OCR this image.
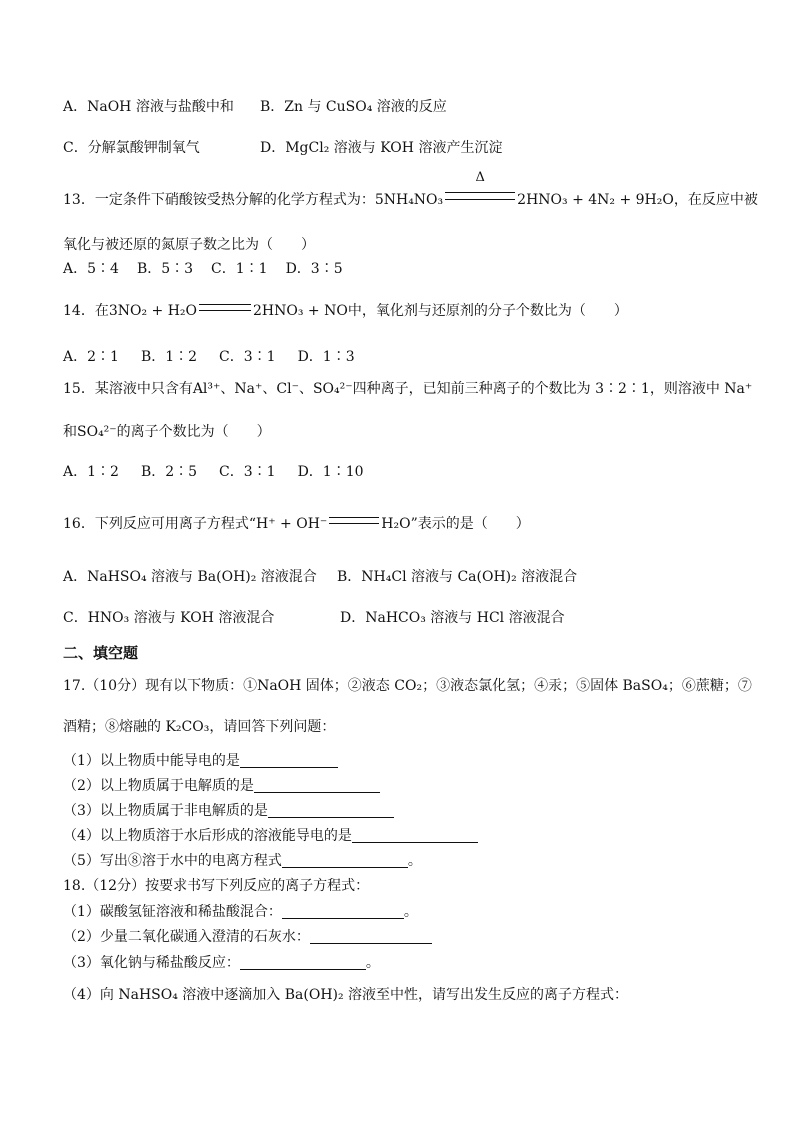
A．NaOH 溶液与盐酸中和 B．Zn 与 CuSO₄ 溶液的反应
C．分解氯酸钾制氧气	D．MgCl₂ 溶液与 KOH 溶液产生沉淀
13．一定条件下硝酸铵受热分解的化学方程式为：5NH₄NO₃
Δ
2HNO₃ + 4N₂ + 9H₂O，在反应中被
氧化与被还原的氮原子数之比为（　　）
A．5∶4 B．5∶3 C．1∶1 D．3∶5
14．在3NO₂ + H₂O	2HNO₃ + NO中，氧化剂与还原剂的分子个数比为（　　）
A．2∶1 B．1∶2 C．3∶1 D．1∶3
15．某溶液中只含有Al³⁺、Na⁺、Cl⁻、SO₄²⁻四种离子，已知前三种离子的个数比为 3∶2∶1，则溶液中 Na⁺
和SO₄²⁻的离子个数比为（　　）
A．1∶2 B．2∶5 C．3∶1 D．1∶10
16．下列反应可用离子方程式“H⁺ + OH⁻	H₂O”表示的是（　　）
A．NaHSO₄ 溶液与 Ba(OH)₂ 溶液混合 B．NH₄Cl 溶液与 Ca(OH)₂ 溶液混合
C．HNO₃ 溶液与 KOH 溶液混合	D．NaHCO₃ 溶液与 HCl 溶液混合
二、填空题
17.（10分）现有以下物质：①NaOH 固体；②液态 CO₂；③液态氯化氢；④汞；⑤固体 BaSO₄；⑥蔗糖；⑦
酒精；⑧熔融的 K₂CO₃，请回答下列问题：
（1）以上物质中能导电的是
（2）以上物质属于电解质的是
（3）以上物质属于非电解质的是
（4）以上物质溶于水后形成的溶液能导电的是
（5）写出⑧溶于水中的电离方程式	。
18.（12分）按要求书写下列反应的离子方程式：
（1）碳酸氢钲溶液和稀盐酸混合：	。
（2）少量二氧化碳通入澄清的石灰水：
（3）氧化钠与稀盐酸反应：	。
（4）向 NaHSO₄ 溶液中逐滴加入 Ba(OH)₂ 溶液至中性，请写出发生反应的离子方程式：
